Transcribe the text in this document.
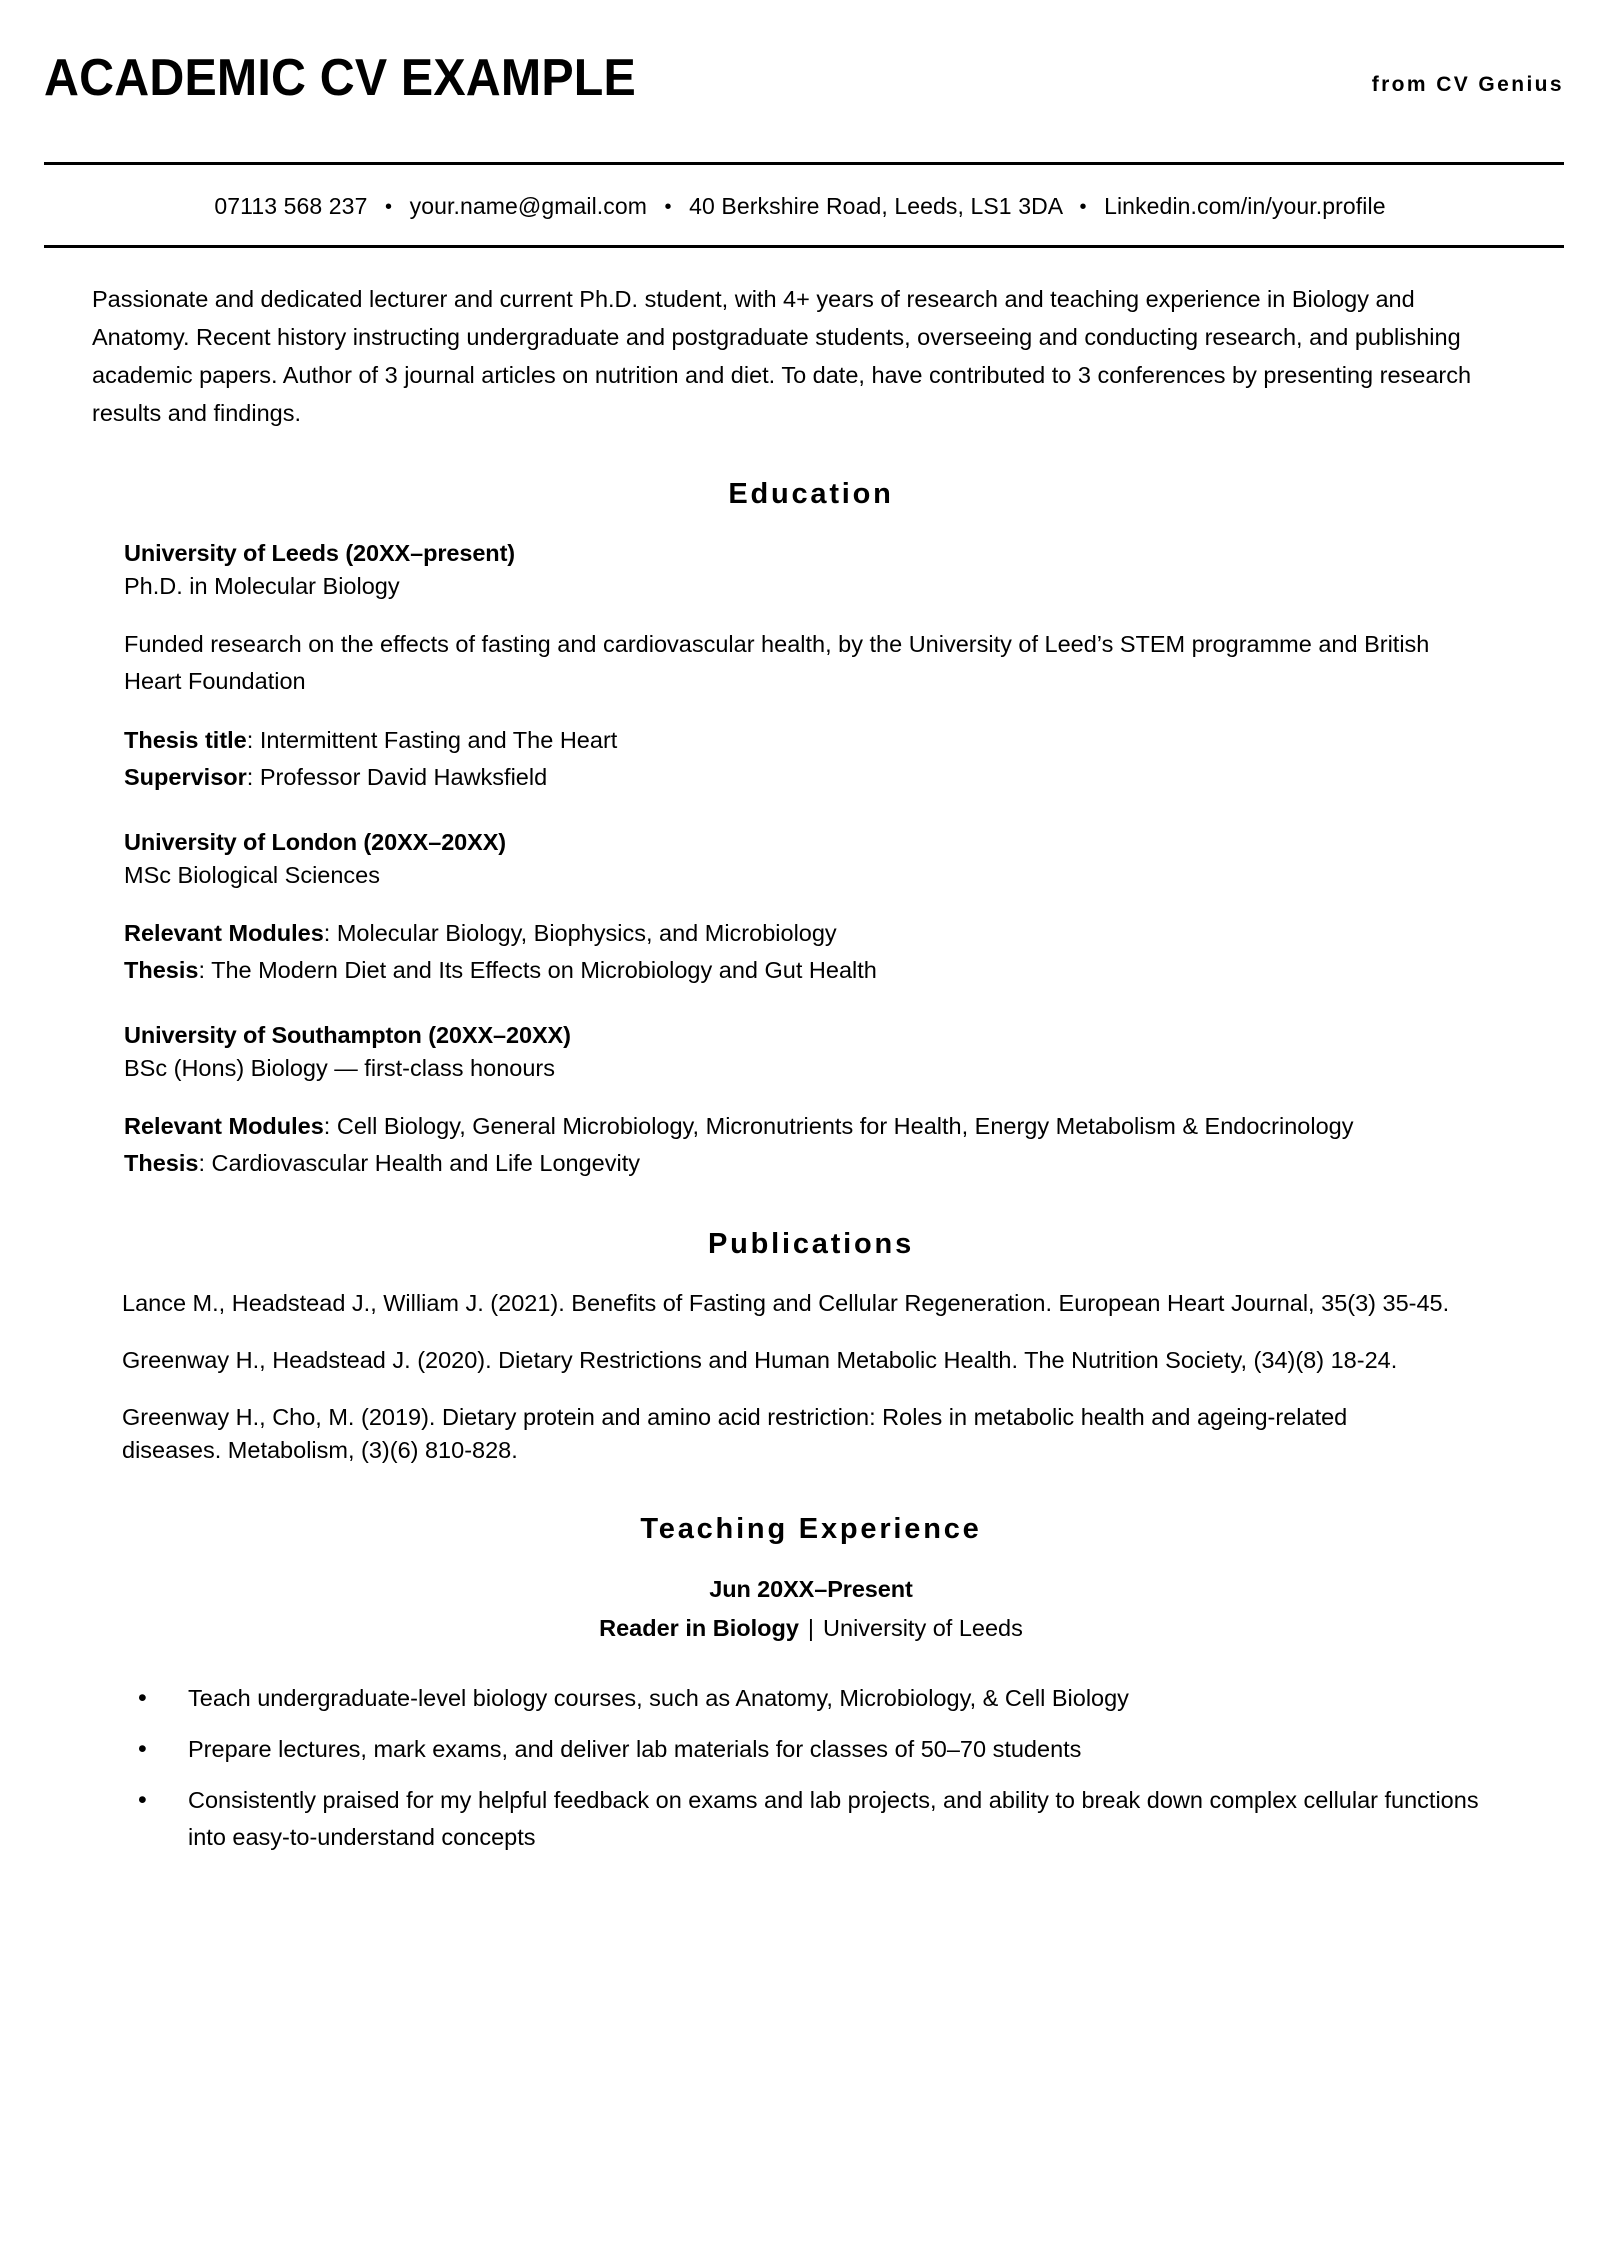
ACADEMIC CV EXAMPLE	from CV Genius
07113 568 237 • your.name@gmail.com • 40 Berkshire Road, Leeds, LS1 3DA • Linkedin.com/in/your.profile
Passionate and dedicated lecturer and current Ph.D. student, with 4+ years of research and teaching experience in Biology and Anatomy. Recent history instructing undergraduate and postgraduate students, overseeing and conducting research, and publishing academic papers. Author of 3 journal articles on nutrition and diet. To date, have contributed to 3 conferences by presenting research results and findings.
Education
University of Leeds (20XX–present)
Ph.D. in Molecular Biology
Funded research on the effects of fasting and cardiovascular health, by the University of Leed’s STEM programme and British Heart Foundation
Thesis title: Intermittent Fasting and The Heart
Supervisor: Professor David Hawksfield
University of London (20XX–20XX)
MSc Biological Sciences
Relevant Modules: Molecular Biology, Biophysics, and Microbiology
Thesis: The Modern Diet and Its Effects on Microbiology and Gut Health
University of Southampton (20XX–20XX)
BSc (Hons) Biology — first-class honours
Relevant Modules: Cell Biology, General Microbiology, Micronutrients for Health, Energy Metabolism & Endocrinology
Thesis: Cardiovascular Health and Life Longevity
Publications
Lance M., Headstead J., William J. (2021). Benefits of Fasting and Cellular Regeneration. European Heart Journal, 35(3) 35-45.
Greenway H., Headstead J. (2020). Dietary Restrictions and Human Metabolic Health. The Nutrition Society, (34)(8) 18-24.
Greenway H., Cho, M. (2019). Dietary protein and amino acid restriction: Roles in metabolic health and ageing-related diseases. Metabolism, (3)(6) 810-828.
Teaching Experience
Jun 20XX–Present
Reader in Biology | University of Leeds
• Teach undergraduate-level biology courses, such as Anatomy, Microbiology, & Cell Biology
• Prepare lectures, mark exams, and deliver lab materials for classes of 50–70 students
• Consistently praised for my helpful feedback on exams and lab projects, and ability to break down complex cellular functions into easy-to-understand concepts
